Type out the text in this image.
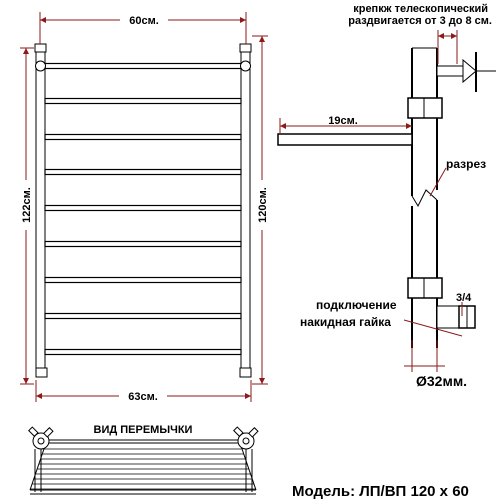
60см.
122см.	120см.
63см.
ВИД ПЕРЕМЫЧКИ
19см.
крепкж телескопический
раздвигается от 3 до 8 см.
разрез
3/4
подключение
накидная гайка
Ø32мм.
Модель: ЛП/ВП 120 х 60
